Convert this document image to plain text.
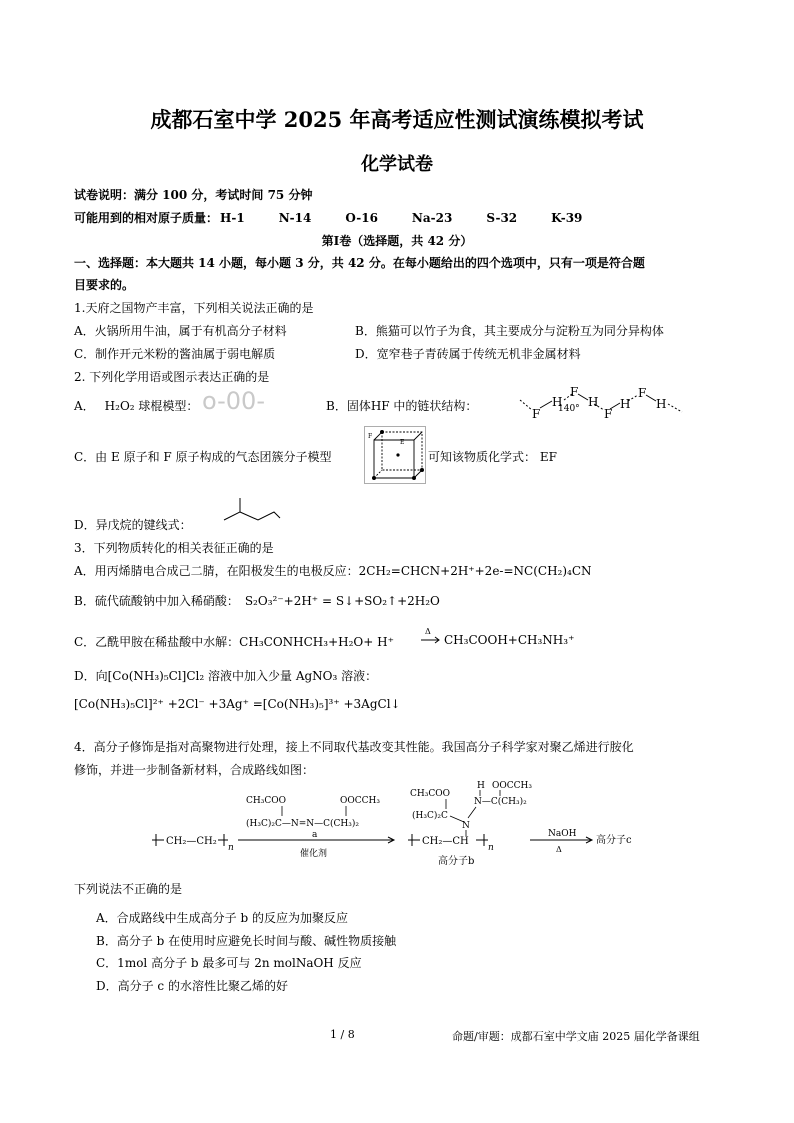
成都石室中学 2025 年高考适应性测试演练模拟考试
化学试卷
试卷说明：满分 100 分，考试时间 75 分钟
可能用到的相对原子质量： H-1	N-14	O-16	Na-23	S-32	K-39
第Ⅰ卷（选择题，共 42 分）
一、选择题：本大题共 14 小题，每小题 3 分，共 42 分。在每小题给出的四个选项中，只有一项是符合题
目要求的。
1.天府之国物产丰富，下列相关说法正确的是
A．火锅所用牛油，属于有机高分子材料	B．熊猫可以竹子为食，其主要成分与淀粉互为同分异构体
C．制作开元米粉的酱油属于弱电解质	D．宽窄巷子青砖属于传统无机非金属材料
2. 下列化学用语或图示表达正确的是
A． H₂O₂ 球棍模型： o-00-	B．固体HF 中的链状结构：
F
H
140°
F
H
F
H
F
H
C．由 E 原子和 F 原子构成的气态团簇分子模型
F
E
可知该物质化学式： EF
D．异戊烷的键线式：
3．下列物质转化的相关表征正确的是
A．用丙烯腈电合成己二腈，在阳极发生的电极反应：2CH₂=CHCN+2H⁺+2e-=NC(CH₂)₄CN
B．硫代硫酸钠中加入稀硝酸： S₂O₃²⁻+2H⁺ = S↓+SO₂↑+2H₂O
C．乙酰甲胺在稀盐酸中水解：CH₃CONHCH₃+H₂O+ H⁺
Δ
CH₃COOH+CH₃NH₃⁺
D．向[Co(NH₃)₅Cl]Cl₂ 溶液中加入少量 AgNO₃ 溶液：
[Co(NH₃)₅Cl]²⁺ +2Cl⁻ +3Ag⁺ =[Co(NH₃)₅]³⁺ +3AgCl↓
4．高分子修饰是指对高聚物进行处理，接上不同取代基改变其性能。我国高分子科学家对聚乙烯进行胺化
修饰，并进一步制备新材料，合成路线如图：
CH₂—CH₂
n
CH₃COO	OOCCH₃
(H₃C)₂C—N=N—C(CH₃)₂
a
催化剂
CH₃COO
H OOCCH₃
(H₃C)₂C
N—C(CH₃)₂
N
CH₂—CH
n
高分子b
NaOH
Δ
高分子c
下列说法不正确的是
A．合成路线中生成高分子 b 的反应为加聚反应
B．高分子 b 在使用时应避免长时间与酸、碱性物质接触
C．1mol 高分子 b 最多可与 2n molNaOH 反应
D．高分子 c 的水溶性比聚乙烯的好
1 / 8	命题/审题：成都石室中学文庙 2025 届化学备课组
